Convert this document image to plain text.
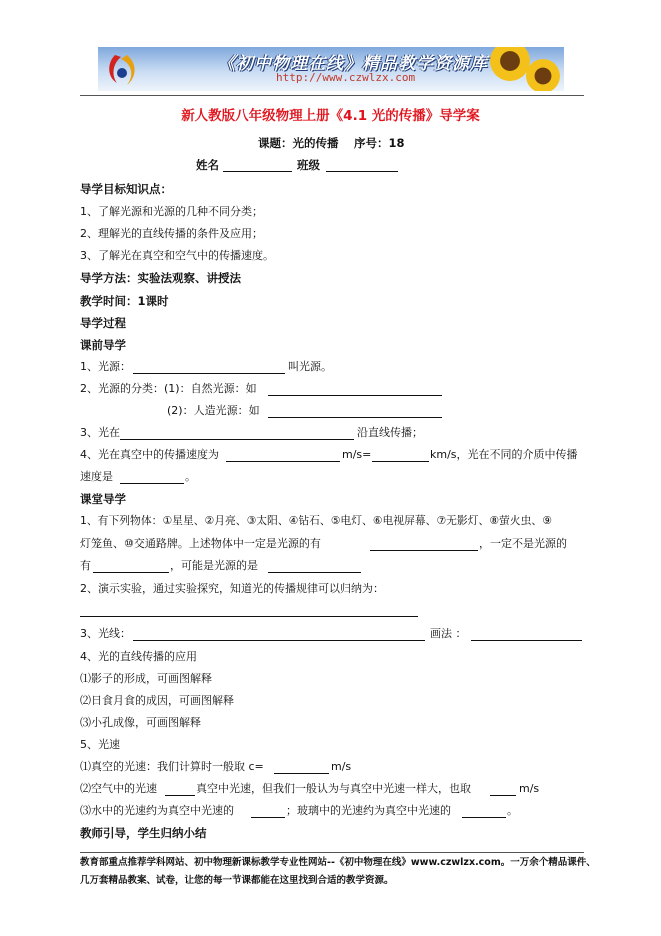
《初中物理在线》精品教学资源库
http://www.czwlzx.com
新人教版八年级物理上册《4.1 光的传播》导学案
课题：光的传播　 序号：18
姓名	班级
导学目标知识点：
1、了解光源和光源的几种不同分类；
2、理解光的直线传播的条件及应用；
3、了解光在真空和空气中的传播速度。
导学方法：实验法观察、讲授法
教学时间：1课时
导学过程
课前导学
1、光源：	叫光源。
2、光源的分类：(1)：自然光源：如
(2)：人造光源：如
3、光在	沿直线传播；
4、光在真空中的传播速度为	m/s=	km/s，光在不同的介质中传播
速度是	。
课堂导学
1、有下列物体：①星星、②月亮、③太阳、④钻石、⑤电灯、⑥电视屏幕、⑦无影灯、⑧萤火虫、⑨
灯笼鱼、⑩交通路牌。上述物体中一定是光源的有	，一定不是光源的
有	，可能是光源的是
2、演示实验，通过实验探究，知道光的传播规律可以归纳为：
3、光线：	画法 ：
4、光的直线传播的应用
⑴影子的形成，可画图解释
⑵日食月食的成因，可画图解释
⑶小孔成像，可画图解释
5、光速
⑴真空的光速：我们计算时一般取 c=	m/s
⑵空气中的光速	真空中光速，但我们一般认为与真空中光速一样大，也取	m/s
⑶水中的光速约为真空中光速的	；玻璃中的光速约为真空中光速的	。
教师引导，学生归纳小结
教育部重点推荐学科网站、初中物理新课标教学专业性网站--《初中物理在线》www.czwlzx.com。一万余个精品课件、
几万套精品教案、试卷，让您的每一节课都能在这里找到合适的教学资源。
